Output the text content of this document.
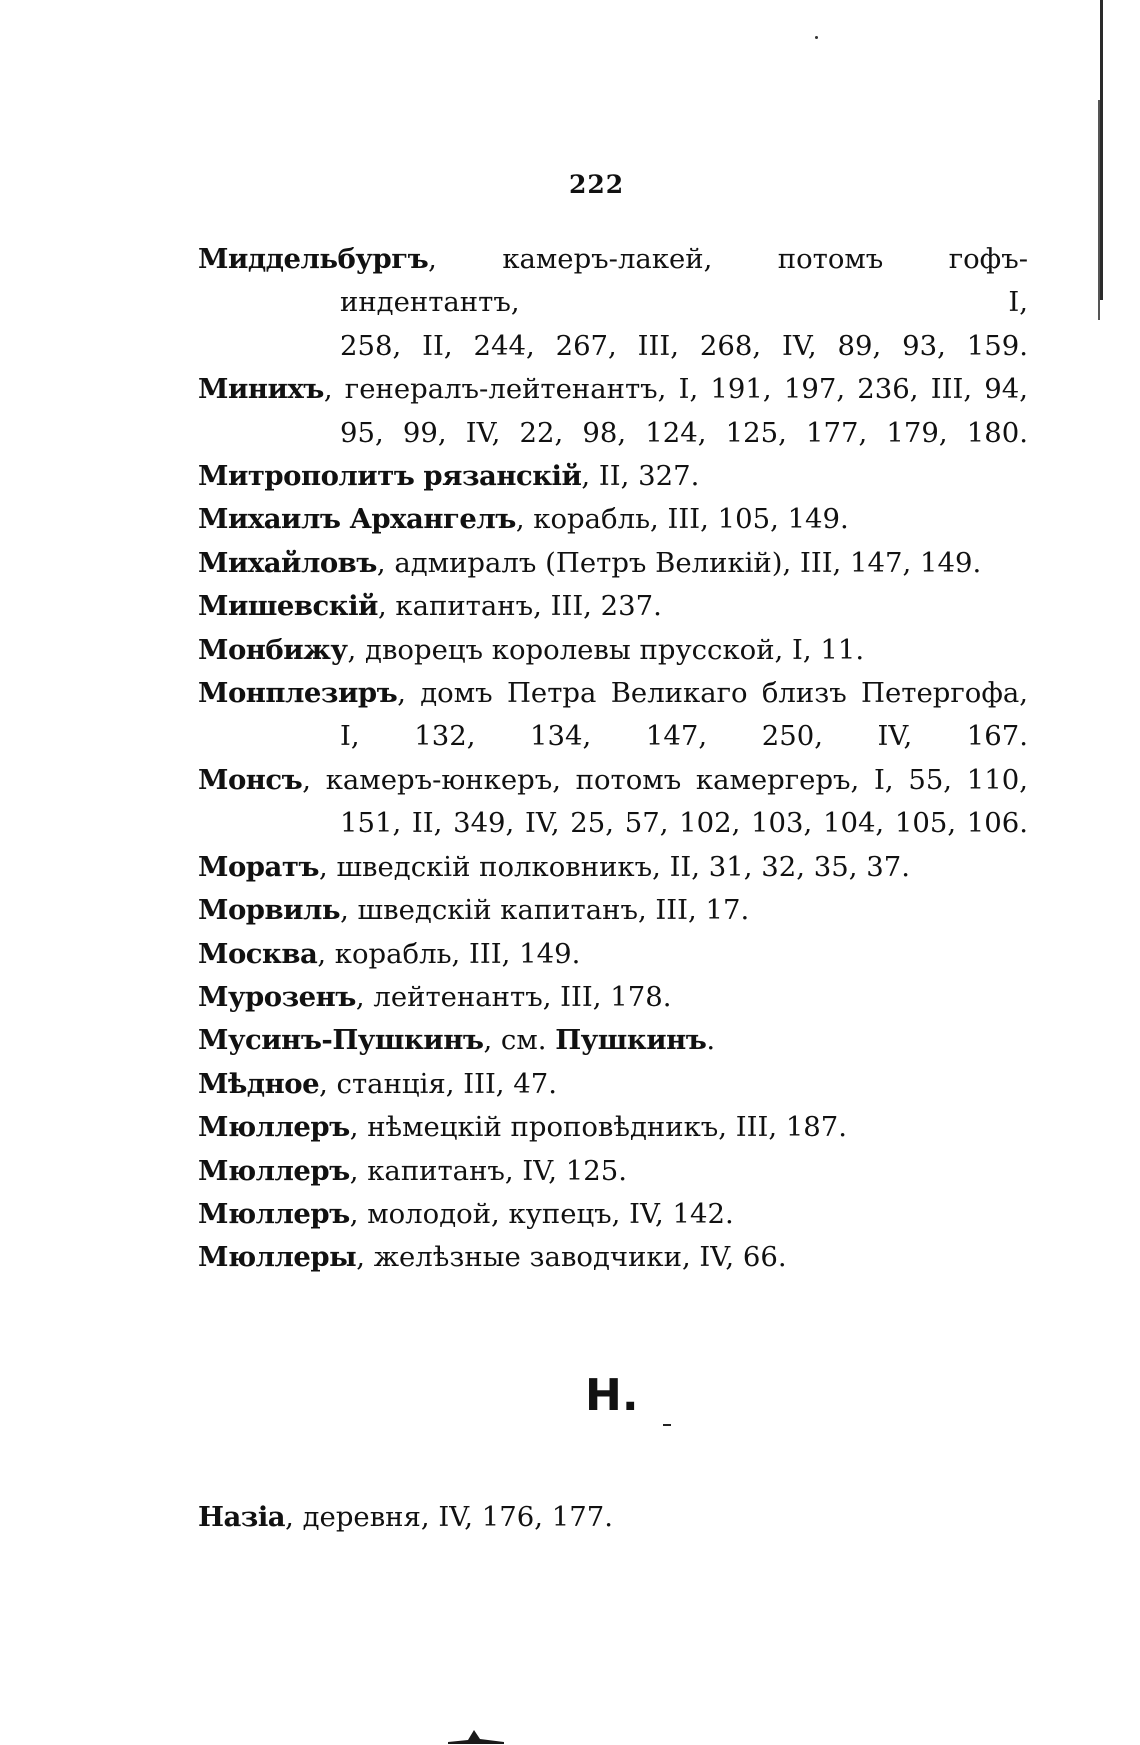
222
Миддельбургъ, камеръ-лакей, потомъ гофъ-индентантъ, I, 258, II, 244, 267, III, 268, IV, 89, 93, 159.
Минихъ, генералъ-лейтенантъ, I, 191, 197, 236, III, 94, 95, 99, IV, 22, 98, 124, 125, 177, 179, 180.
Митрополитъ рязанскій, II, 327.
Михаилъ Архангелъ, корабль, III, 105, 149.
Михайловъ, адмиралъ (Петръ Великій), III, 147, 149.
Мишевскій, капитанъ, III, 237.
Монбижу, дворецъ королевы прусской, I, 11.
Монплезиръ, домъ Петра Великаго близъ Петергофа, I, 132, 134, 147, 250, IV, 167.
Монсъ, камеръ-юнкеръ, потомъ камергеръ, I, 55, 110, 151, II, 349, IV, 25, 57, 102, 103, 104, 105, 106.
Моратъ, шведскій полковникъ, II, 31, 32, 35, 37.
Морвиль, шведскій капитанъ, III, 17.
Москва, корабль, III, 149.
Мурозенъ, лейтенантъ, III, 178.
Мусинъ-Пушкинъ, см. Пушкинъ.
Мѣдное, станція, III, 47.
Мюллеръ, нѣмецкій проповѣдникъ, III, 187.
Мюллеръ, капитанъ, IV, 125.
Мюллеръ, молодой, купецъ, IV, 142.
Мюллеры, желѣзные заводчики, IV, 66.
Н.
Назіа, деревня, IV, 176, 177.
